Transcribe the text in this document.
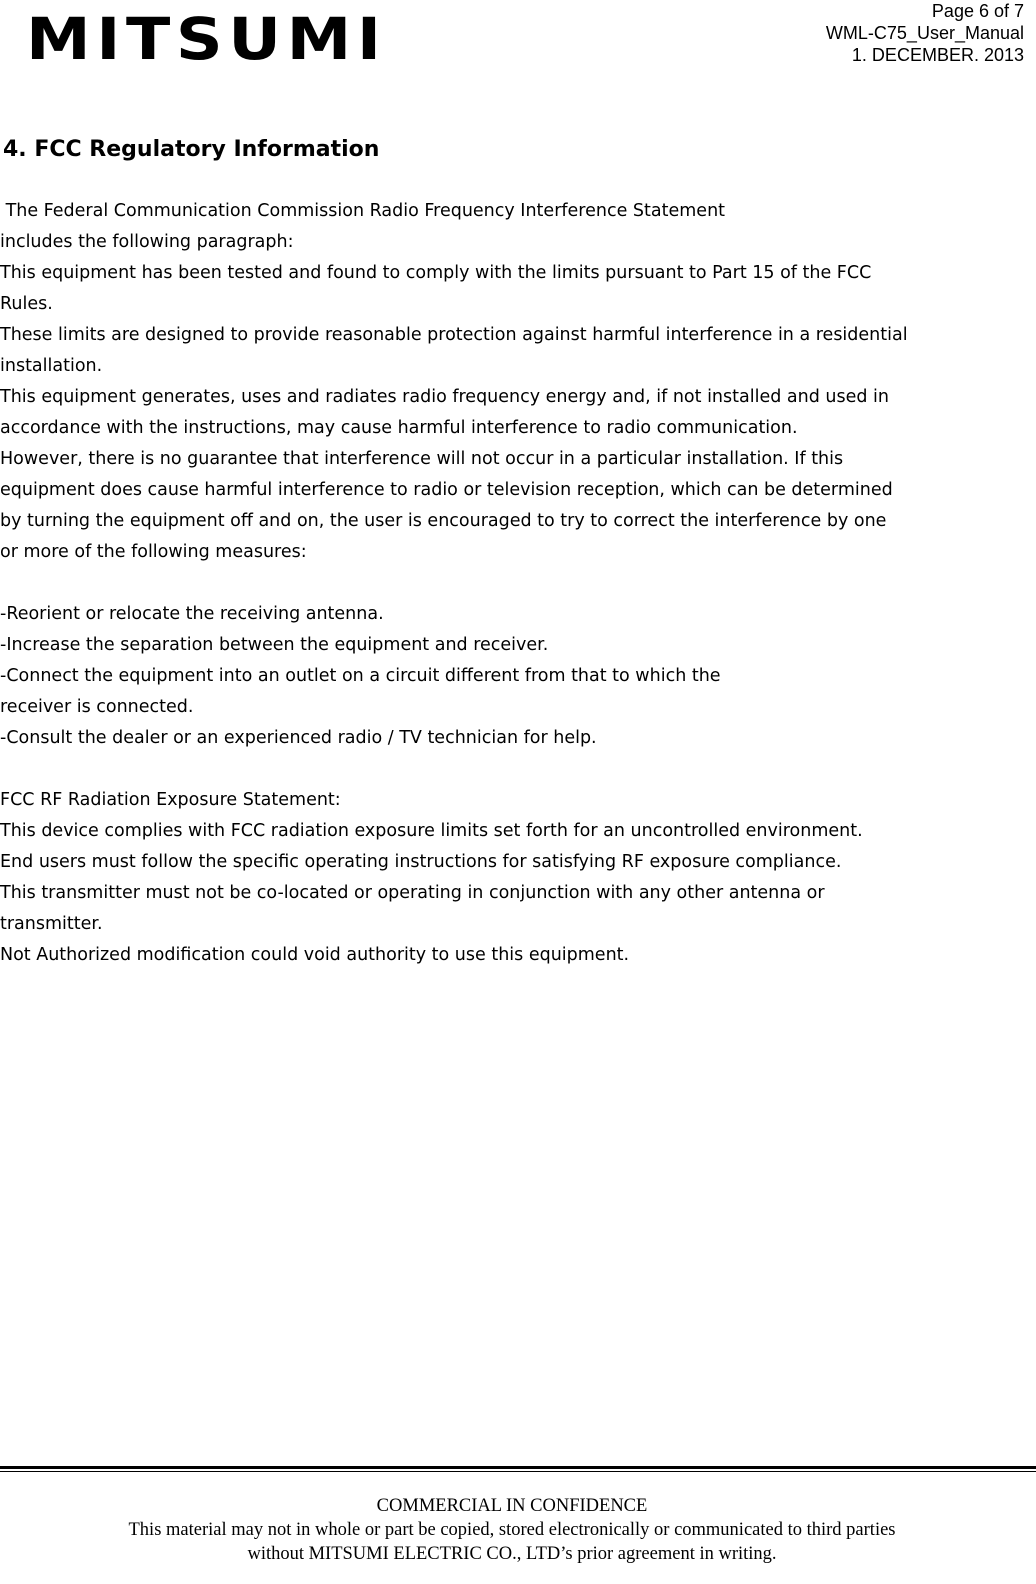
MITSUMI	Page 6 of 7
WML-C75_User_Manual
1. DECEMBER. 2013
4. FCC Regulatory Information
The Federal Communication Commission Radio Frequency Interference Statement
includes the following paragraph:
This equipment has been tested and found to comply with the limits pursuant to Part 15 of the FCC
Rules.
These limits are designed to provide reasonable protection against harmful interference in a residential
installation.
This equipment generates, uses and radiates radio frequency energy and, if not installed and used in
accordance with the instructions, may cause harmful interference to radio communication.
However, there is no guarantee that interference will not occur in a particular installation. If this
equipment does cause harmful interference to radio or television reception, which can be determined
by turning the equipment off and on, the user is encouraged to try to correct the interference by one
or more of the following measures:
-Reorient or relocate the receiving antenna.
-Increase the separation between the equipment and receiver.
-Connect the equipment into an outlet on a circuit different from that to which the
receiver is connected.
-Consult the dealer or an experienced radio / TV technician for help.
FCC RF Radiation Exposure Statement:
This device complies with FCC radiation exposure limits set forth for an uncontrolled environment.
End users must follow the specific operating instructions for satisfying RF exposure compliance.
This transmitter must not be co-located or operating in conjunction with any other antenna or
transmitter.
Not Authorized modification could void authority to use this equipment.
COMMERCIAL IN CONFIDENCE
This material may not in whole or part be copied, stored electronically or communicated to third parties
without MITSUMI ELECTRIC CO., LTD’s prior agreement in writing.
